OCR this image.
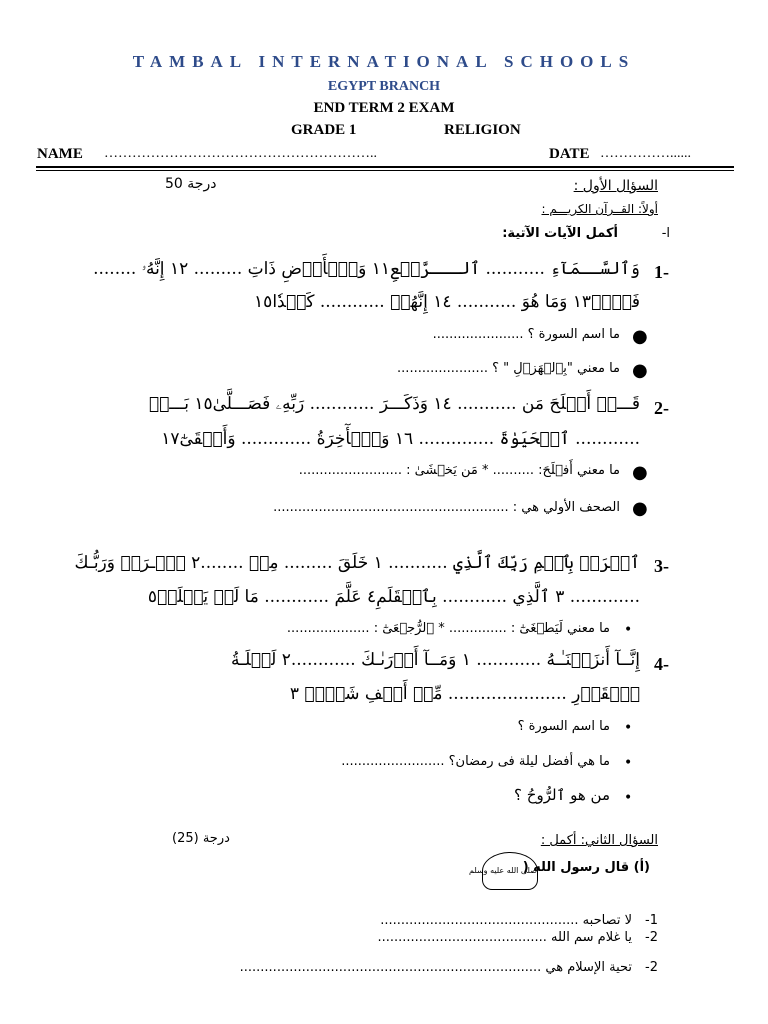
TAMBAL INTERNATIONAL SCHOOLS
EGYPT BRANCH
END TERM 2 EXAM
GRADE 1	RELIGION
NAME …………………………………………………..	DATE ……………......
السؤال الأول :
درجة 50
أولاً: القــرآن الكريـــم :
ا-
أكمل الآيات الآتية:
1-
وَٱلسَّــمَآءِ ........... ٱلـــرَّجۡعِ١١ وَٱلۡأَرۡضِ ذَاتِ ......... ١٢ إِنَّهُۥ ........
فَصۡلٞ١٣ وَمَا هُوَ ........... ١٤ إِنَّهُمۡ ............ كَيۡدٗا١٥
●
ما اسم السورة ؟ ......................
●
ما معني "بِٱلۡهَزۡلِ " ؟ ......................
2-
قَـــدۡ أَفۡلَحَ مَن ........... ١٤ وَذَكَـــرَ ............ رَبِّهِۦ فَصَـــلَّىٰ١٥ بَـــلۡ
............ ٱلۡحَيَوٰةَ .............. ١٦ وَٱلۡأٓخِرَةُ ............. وَأَبۡقَىٰٓ١٧
●
ما معني أَفۡلَحَ: .......... * مَن يَخۡشَىٰ : .........................
●
الصحف الأولي هي : .........................................................
3-
ٱقۡرَأۡ بِٱسۡمِ رَبِّكَ ٱلَّذِي ........... ١ خَلَقَ ......... مِنۡ ........٢ ٱقۡـرَأۡ وَرَبُّـكَ
............. ٣ ٱلَّذِي ............ بِٱلۡقَلَمِ٤ عَلَّمَ ............ مَا لَمۡ يَعۡلَمۡ٥
•
ما معني لَيَطۡغَىٰٓ : .............. * ٱلرُّجۡعَىٰٓ : ....................
4-
إِنَّــآ أَنزَلۡنَـٰـهُ ............ ١ وَمَــآ أَدۡرَىٰـكَ ............٢ لَيۡلَـةُ
ٱلۡقَدۡرِ ...................... مِّنۡ أَلۡفِ شَهۡرٖ ٣
•
ما اسم السورة ؟
•
ما هي أفضل ليلة فى رمضان؟ .........................
•
من هو ٱلرُّوحُ ؟
السؤال الثاني: أكمل :
درجة (25)
(أ) قال رسول الله (
صلى الله عليه وسلم
1-
لا تصاحبه ................................................
2-
يا غلام سم الله .........................................
2-
تحية الإسلام هي .........................................................................
